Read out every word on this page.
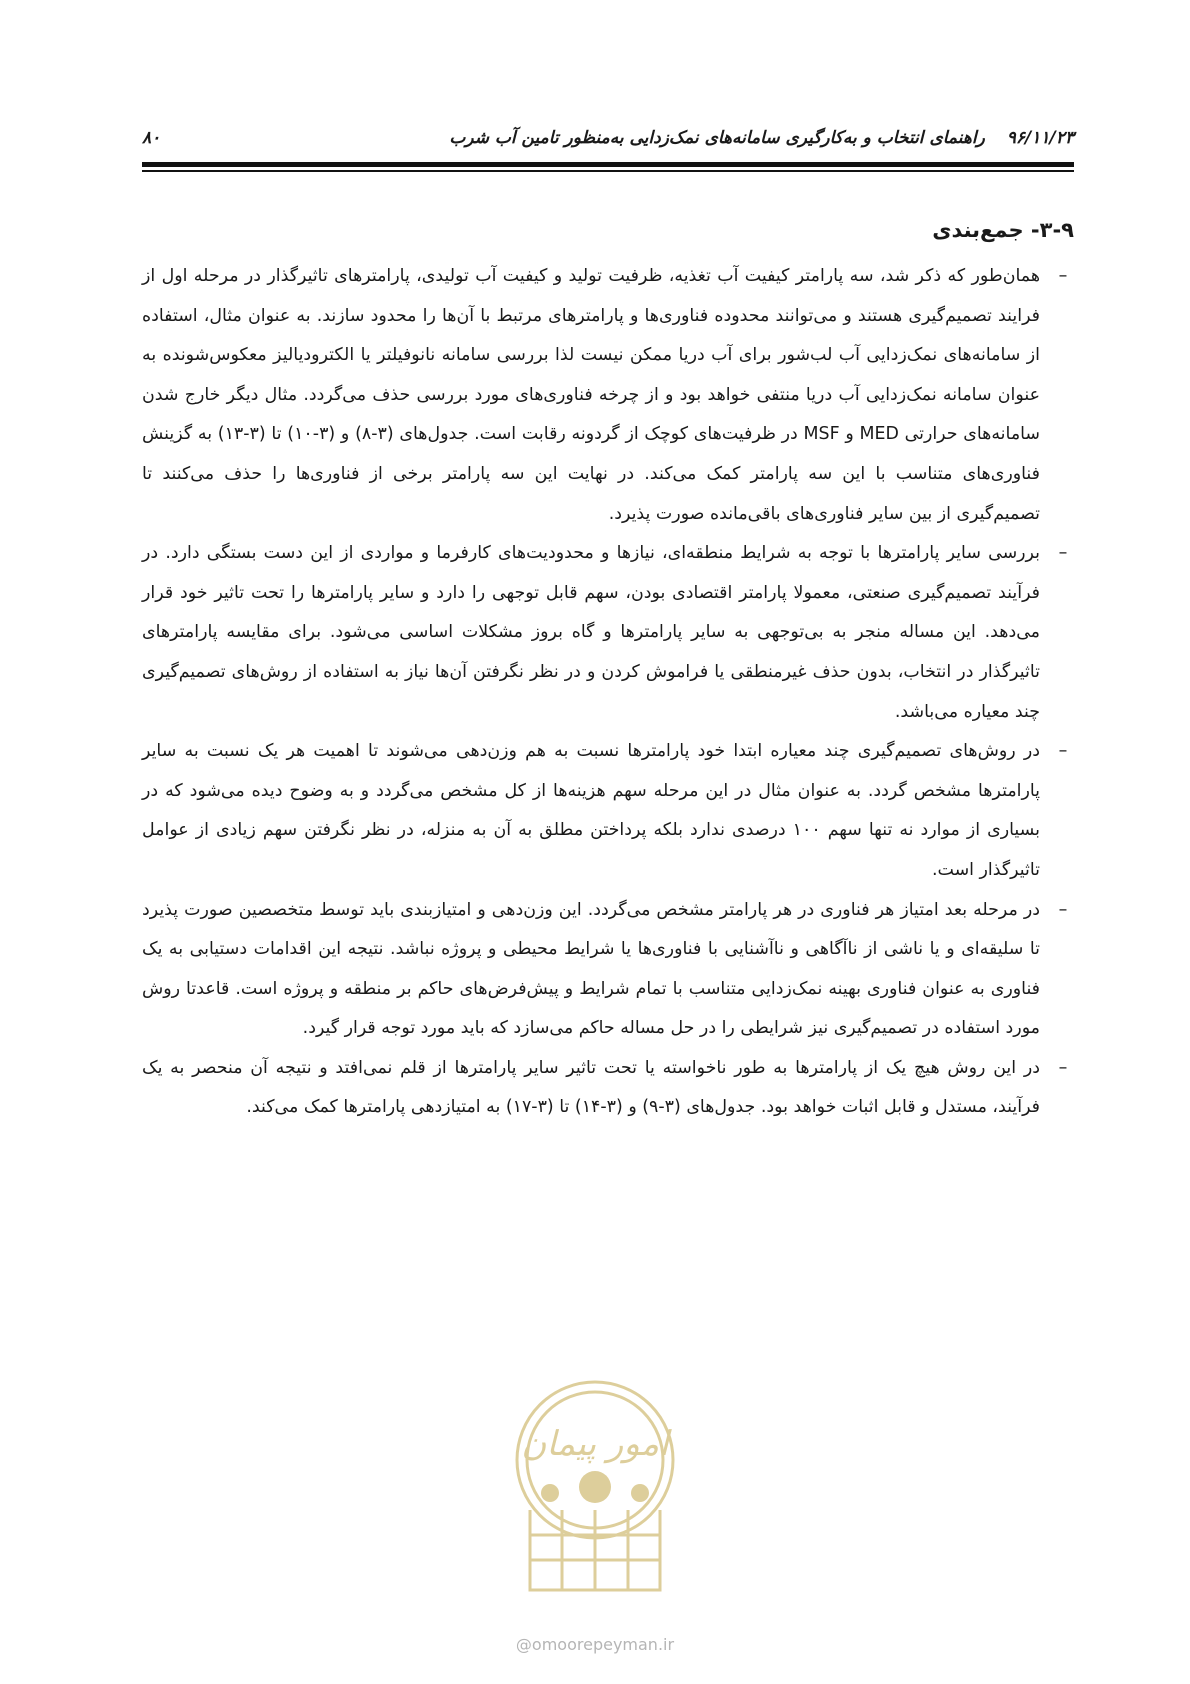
۹۶/۱۱/۲۳راهنمای انتخاب و به‌کارگیری سامانه‌های نمک‌زدایی به‌منظور تامین آب شرب
۸۰
۳-۹- جمع‌بندی
–
همان‌طور که ذکر شد، سه پارامتر کیفیت آب تغذیه، ظرفیت تولید و کیفیت آب تولیدی، پارامترهای تاثیرگذار در مرحله اول از فرایند تصمیم‌گیری هستند و می‌توانند محدوده فناوری‌ها و پارامترهای مرتبط با آن‌ها را محدود سازند. به عنوان مثال، استفاده از سامانه‌های نمک‌زدایی آب لب‌شور برای آب دریا ممکن نیست لذا بررسی سامانه نانوفیلتر یا الکترودیالیز معکوس‌شونده به عنوان سامانه نمک‌زدایی آب دریا منتفی خواهد بود و از چرخه فناوری‌های مورد بررسی حذف می‌گردد. مثال دیگر خارج شدن سامانه‌های حرارتی MED و MSF در ظرفیت‌های کوچک از گردونه رقابت است. جدول‌های (۳-۸) و (۳-۱۰) تا (۳-۱۳) به گزینش فناوری‌های متناسب با این سه پارامتر کمک می‌کند. در نهایت این سه پارامتر برخی از فناوری‌ها را حذف می‌کنند تا تصمیم‌گیری از بین سایر فناوری‌های باقی‌مانده صورت پذیرد.
–
بررسی سایر پارامترها با توجه به شرایط منطقه‌ای، نیازها و محدودیت‌های کارفرما و مواردی از این دست بستگی دارد. در فرآیند تصمیم‌گیری صنعتی، معمولا پارامتر اقتصادی بودن، سهم قابل توجهی را دارد و سایر پارامترها را تحت تاثیر خود قرار می‌دهد. این مساله منجر به بی‌توجهی به سایر پارامترها و گاه بروز مشکلات اساسی می‌شود. برای مقایسه پارامترهای تاثیرگذار در انتخاب، بدون حذف غیرمنطقی یا فراموش کردن و در نظر نگرفتن آن‌ها نیاز به استفاده از روش‌های تصمیم‌گیری چند معیاره می‌باشد.
–
در روش‌های تصمیم‌گیری چند معیاره ابتدا خود پارامترها نسبت به هم وزن‌دهی می‌شوند تا اهمیت هر یک نسبت به سایر پارامترها مشخص گردد. به عنوان مثال در این مرحله سهم هزینه‌ها از کل مشخص می‌گردد و به وضوح دیده می‌شود که در بسیاری از موارد نه تنها سهم ۱۰۰ درصدی ندارد بلکه پرداختن مطلق به آن به منزله، در نظر نگرفتن سهم زیادی از عوامل تاثیرگذار است.
–
در مرحله بعد امتیاز هر فناوری در هر پارامتر مشخص می‌گردد. این وزن‌دهی و امتیازبندی باید توسط متخصصین صورت پذیرد تا سلیقه‌ای و یا ناشی از ناآگاهی و ناآشنایی با فناوری‌ها یا شرایط محیطی و پروژه نباشد. نتیجه این اقدامات دستیابی به یک فناوری به عنوان فناوری بهینه نمک‌زدایی متناسب با تمام شرایط و پیش‌فرض‌های حاکم بر منطقه و پروژه است. قاعدتا روش مورد استفاده در تصمیم‌گیری نیز شرایطی را در حل مساله حاکم می‌سازد که باید مورد توجه قرار گیرد.
–
در این روش هیچ یک از پارامترها به طور ناخواسته یا تحت تاثیر سایر پارامترها از قلم نمی‌افتد و نتیجه آن منحصر به یک فرآیند، مستدل و قابل اثبات خواهد بود. جدول‌های (۳-۹) و (۳-۱۴) تا (۳-۱۷) به امتیازدهی پارامترها کمک می‌کند.
امور پیمان
@omoorepeyman.ir
